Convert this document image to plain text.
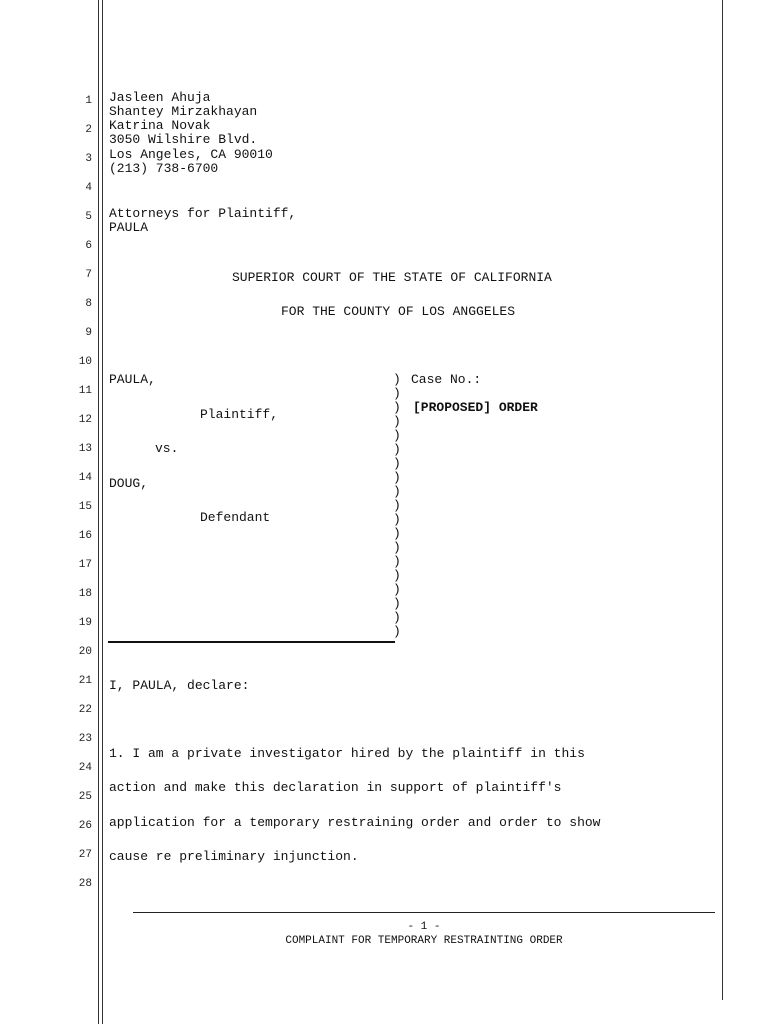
1
2
3
4
5
6
7
8
9
10
11
12
13
14
15
16
17
18
19
20
21
22
23
24
25
26
27
28
Jasleen Ahuja
Shantey Mirzakhayan
Katrina Novak
3050 Wilshire Blvd.
Los Angeles, CA 90010
(213) 738-6700
Attorneys for Plaintiff,
PAULA
SUPERIOR COURT OF THE STATE OF CALIFORNIA
FOR THE COUNTY OF LOS ANGGELES
PAULA,
Plaintiff,
vs.
DOUG,
Defendant
)
)
)
)
)
)
)
)
)
)
)
)
)
)
)
)
)
)
)
Case No.:
[PROPOSED] ORDER
I, PAULA, declare:
1. I am a private investigator hired by the plaintiff in this
action and make this declaration in support of plaintiff's
application for a temporary restraining order and order to show
cause re preliminary injunction.
- 1 -
COMPLAINT FOR TEMPORARY RESTRAINTING ORDER
